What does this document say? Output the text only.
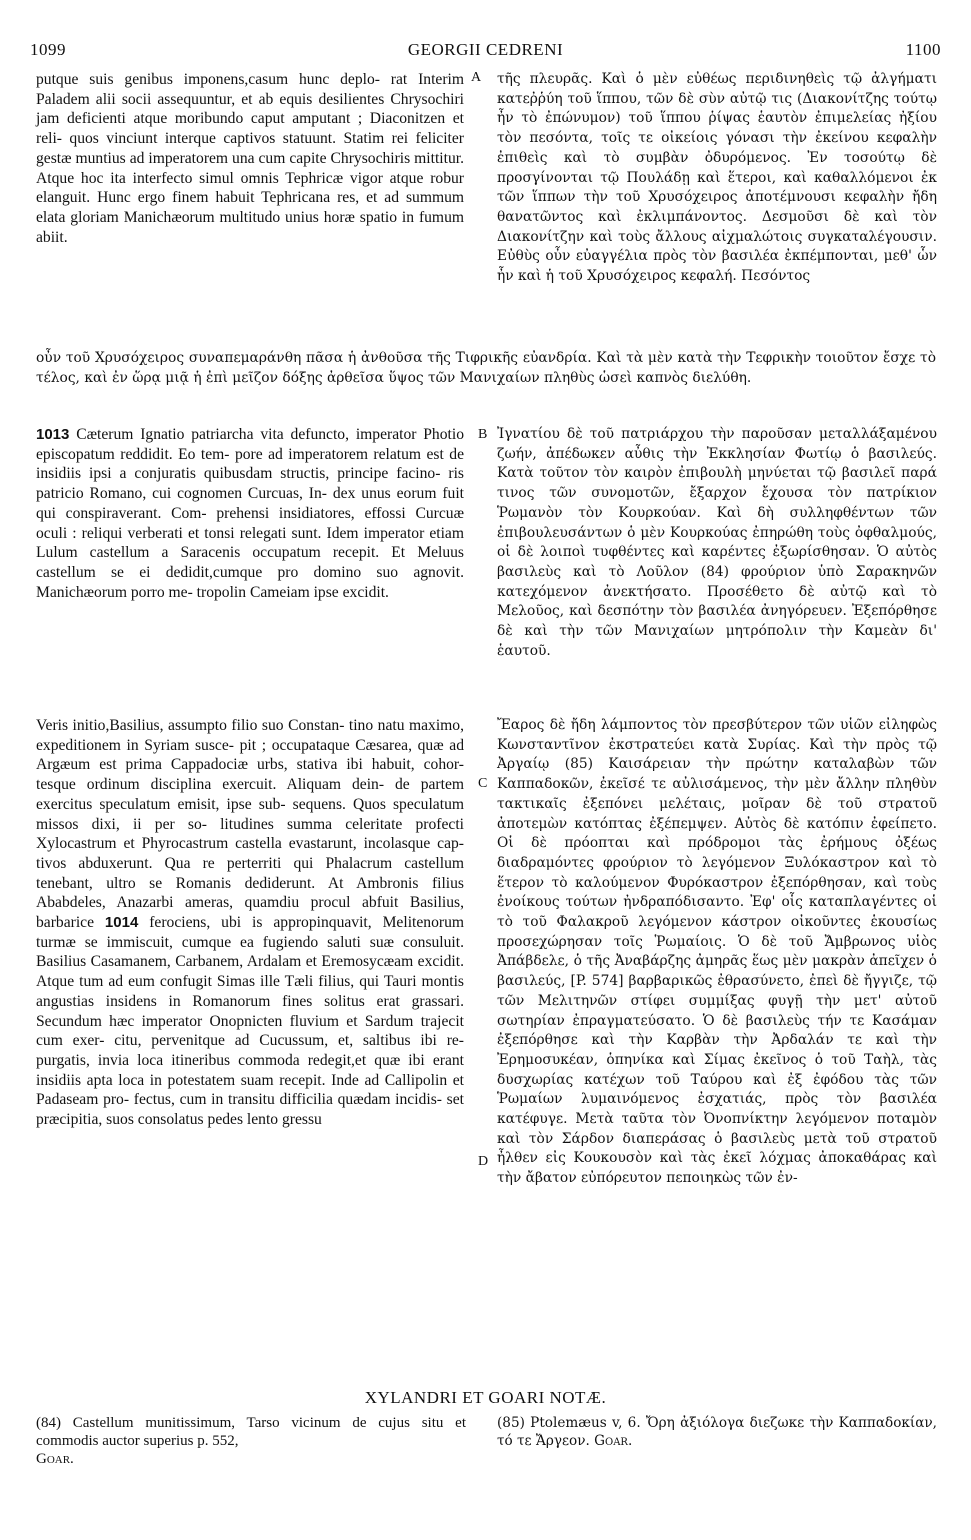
1099	GEORGII CEDRENI	1100

putque suis genibus imponens,casum hunc deplo- rat Interim Paladem alii socii assequuntur, et ab equis desilientes Chrysochiri jam deficienti atque moribundo caput amputant ; Diaconitzen et reli- quos vinciunt interque captivos statuunt. Statim rei feliciter gestæ muntius ad imperatorem una cum capite Chrysochiris mittitur. Atque hoc ita interfecto simul omnis Tephricæ vigor atque robur elanguit. Hunc ergo finem habuit Tephricana res, et ad summum elata gloriam Manichæorum multitudo unius horæ spatio in fumum abiit.

τῆς πλευρᾶς. Καὶ ὁ μὲν εὐθέως περιδινηθεὶς τῷ ἀλγήματι κατεῤῥύη τοῦ ἵππου, τῶν δὲ σὺν αὐτῷ τις (Διακονίτζης τούτῳ ἦν τὸ ἐπώνυμον) τοῦ ἵππου ῥίψας ἑαυτὸν ἐπιμελείας ἠξίου τὸν πεσόντα, τοῖς τε οἰκείοις γόνασι τὴν ἐκείνου κεφαλὴν ἐπιθεὶς καὶ τὸ συμβὰν ὀδυρόμενος. Ἐν τοσούτῳ δὲ προσγίνονται τῷ Πουλάδῃ καὶ ἕτεροι, καὶ καθαλλόμενοι ἐκ τῶν ἵππων τὴν τοῦ Χρυσόχειρος ἀποτέμνουσι κεφαλὴν ἤδη θανατῶντος καὶ ἐκλιμπάνοντος. Δεσμοῦσι δὲ καὶ τὸν Διακονίτζην καὶ τοὺς ἄλλους αἰχμαλώτοις συγκαταλέγουσιν. Εὐθὺς οὖν εὐαγγέλια πρὸς τὸν βασιλέα ἐκπέμπονται, μεθ' ὧν ἦν καὶ ἡ τοῦ Χρυσόχειρος κεφαλή. Πεσόντος

οὖν τοῦ Χρυσόχειρος συναπεμαράνθη πᾶσα ἡ ἀνθοῦσα τῆς Τιφρικῆς εὐανδρία. Καὶ τὰ μὲν κατὰ τὴν Τεφρικὴν τοιοῦτον ἔσχε τὸ τέλος, καὶ ἐν ὥρᾳ μιᾷ ἡ ἐπὶ μεῖζον δόξης ἀρθεῖσα ὕψος τῶν Μανιχαίων πληθὺς ὡσεὶ καπνὸς διελύθη.

1013 Cæterum Ignatio patriarcha vita defuncto, imperator Photio episcopatum reddidit. Eo tem- pore ad imperatorem relatum est de insidiis ipsi a conjuratis quibusdam structis, principe facino- ris patricio Romano, cui cognomen Curcuas, In- dex unus eorum fuit qui conspiraverant. Com- prehensi insidiatores, effossi Curcuæ oculi : reliqui verberati et tonsi relegati sunt. Idem imperator etiam Lulum castellum a Saracenis occupatum recepit. Et Meluus castellum se ei dedidit,cumque pro domino suo agnovit. Manichæorum porro me- tropolin Cameiam ipse excidit.

Ἰγνατίου δὲ τοῦ πατριάρχου τὴν παροῦσαν μεταλλάξαμένου ζωήν, ἀπέδωκεν αὖθις τὴν Ἐκκλησίαν Φωτίῳ ὁ βασιλεύς. Κατὰ τοῦτον τὸν καιρὸν ἐπιβουλὴ μηνύεται τῷ βασιλεῖ παρά τινος τῶν συνομοτῶν, ἔξαρχον ἔχουσα τὸν πατρίκιον Ῥωμανὸν τὸν Κουρκούαν. Καὶ δὴ συλληφθέντων τῶν ἐπιβουλευσάντων ὁ μὲν Κουρκούας ἐπηρώθη τοὺς ὀφθαλμούς, οἱ δὲ λοιποὶ τυφθέντες καὶ καρέντες ἐξωρίσθησαν. Ὁ αὐτὸς βασιλεὺς καὶ τὸ Λοῦλον (84) φρούριον ὑπὸ Σαρακηνῶν κατεχόμενον ἀνεκτήσατο. Προσέθετο δὲ αὐτῷ καὶ τὸ Μελοῦος, καὶ δεσπότην τὸν βασιλέα ἀνηγόρευεν. Ἐξεπόρθησε δὲ καὶ τὴν τῶν Μανιχαίων μητρόπολιν τὴν Καμεὰν δι' ἑαυτοῦ.

Veris initio,Basilius, assumpto filio suo Constan- tino natu maximo, expeditionem in Syriam susce- pit ; occupataque Cæsarea, quæ ad Argæum est prima Cappadociæ urbs, stativa ibi habuit, cohor- tesque ordinum disciplina exercuit. Aliquam dein- de partem exercitus speculatum emisit, ipse sub- sequens. Quos speculatum missos dixi, ii per so- litudines summa celeritate profecti Xylocastrum et Phyrocastrum castella evastarunt, incolasque cap- tivos abduxerunt. Qua re perterriti qui Phalacrum castellum tenebant, ultro se Romanis dediderunt. At Ambronis filius Ababdeles, Anazarbi ameras, quamdiu procul abfuit Basilius, barbarice 1014 ferociens, ubi is appropinquavit, Melitenorum turmæ se immiscuit, cumque ea fugiendo saluti suæ consuluit. Basilius Casamanem, Carbanem, Ardalam et Eremosycæam excidit. Atque tum ad eum confugit Simas ille Tæli filius, qui Tauri montis angustias insidens in Romanorum fines solitus erat grassari. Secundum hæc imperator Onopnicten fluvium et Sardum trajecit cum exer- citu, pervenitque ad Cucussum, et, saltibus ibi re- purgatis, invia loca itineribus commoda redegit,et quæ ibi erant insidiis apta loca in potestatem suam recepit. Inde ad Callipolin et Padaseam pro- fectus, cum in transitu difficilia quædam incidis- set præcipitia, suos consolatus pedes lento gressu

Ἔαρος δὲ ἤδη λάμποντος τὸν πρεσβύτερον τῶν υἱῶν εἰληφὼς Κωνσταντῖνον ἐκστρατεύει κατὰ Συρίας. Καὶ τὴν πρὸς τῷ Ἀργαίῳ (85) Καισάρειαν τὴν πρώτην καταλαβὼν τῶν Καππαδοκῶν, ἐκεῖσέ τε αὐλισάμενος, τὴν μὲν ἄλλην πληθὺν τακτικαῖς ἐξεπόνει μελέταις, μοῖραν δὲ τοῦ στρατοῦ ἀποτεμὼν κατόπτας ἐξέπεμψεν. Αὐτὸς δὲ κατόπιν ἐφείπετο. Οἱ δὲ πρόοπται καὶ πρόδρομοι τὰς ἐρήμους ὀξέως διαδραμόντες φρούριον τὸ λεγόμενον Ξυλόκαστρον καὶ τὸ ἕτερον τὸ καλούμενον Φυρόκαστρον ἐξεπόρθησαν, καὶ τοὺς ἐνοίκους τούτων ἠνδραπόδισαντο. Ἐφ' οἷς καταπλαγέντες οἱ τὸ τοῦ Φαλακροῦ λεγόμενον κάστρον οἰκοῦντες ἑκουσίως προσεχώρησαν τοῖς Ῥωμαίοις. Ὁ δὲ τοῦ Ἄμβρωνος υἱὸς Ἀπάβδελε, ὁ τῆς Ἀναβάρζης ἀμηρᾶς ἕως μὲν μακρὰν ἀπεῖχεν ὁ βασιλεύς, [P. 574] βαρβαρικῶς ἐθρασύνετο, ἐπεὶ δὲ ἤγγιζε, τῷ τῶν Μελιτηνῶν στίφει συμμίξας φυγῇ τὴν μετ' αὐτοῦ σωτηρίαν ἐπραγματεύσατο. Ὁ δὲ βασιλεὺς τήν τε Κασάμαν ἐξεπόρθησε καὶ τὴν Καρβὰν τὴν Ἀρδαλάν τε καὶ τὴν Ἐρημοσυκέαν, ὁπηνίκα καὶ Σίμας ἐκεῖνος ὁ τοῦ Ταὴλ, τὰς δυσχωρίας κατέχων τοῦ Ταύρου καὶ ἐξ ἐφόδου τὰς τῶν Ῥωμαίων λυμαινόμενος ἐσχατιάς, πρὸς τὸν βασιλέα κατέφυγε. Μετὰ ταῦτα τὸν Ὀνοπνίκτην λεγόμενον ποταμὸν καὶ τὸν Σάρδον διαπεράσας ὁ βασιλεὺς μετὰ τοῦ στρατοῦ ἦλθεν εἰς Κουκουσὸν καὶ τὰς ἐκεῖ λόχμας ἀποκαθάρας καὶ τὴν ἄβατον εὐπόρευτον πεποιηκὼς τῶν ἐν-

A
B
C
D
XYLANDRI ET GOARI NOTÆ.
(84) Castellum munitissimum, Tarso vicinum de cujus situ et commodis auctor superius p. 552,
Goar.
(85) Ptolemæus v, 6. Ὄρη ἀξιόλογα διεζωκε τὴν Καππαδοκίαν, τό τε Ἄργεον. Goar.
